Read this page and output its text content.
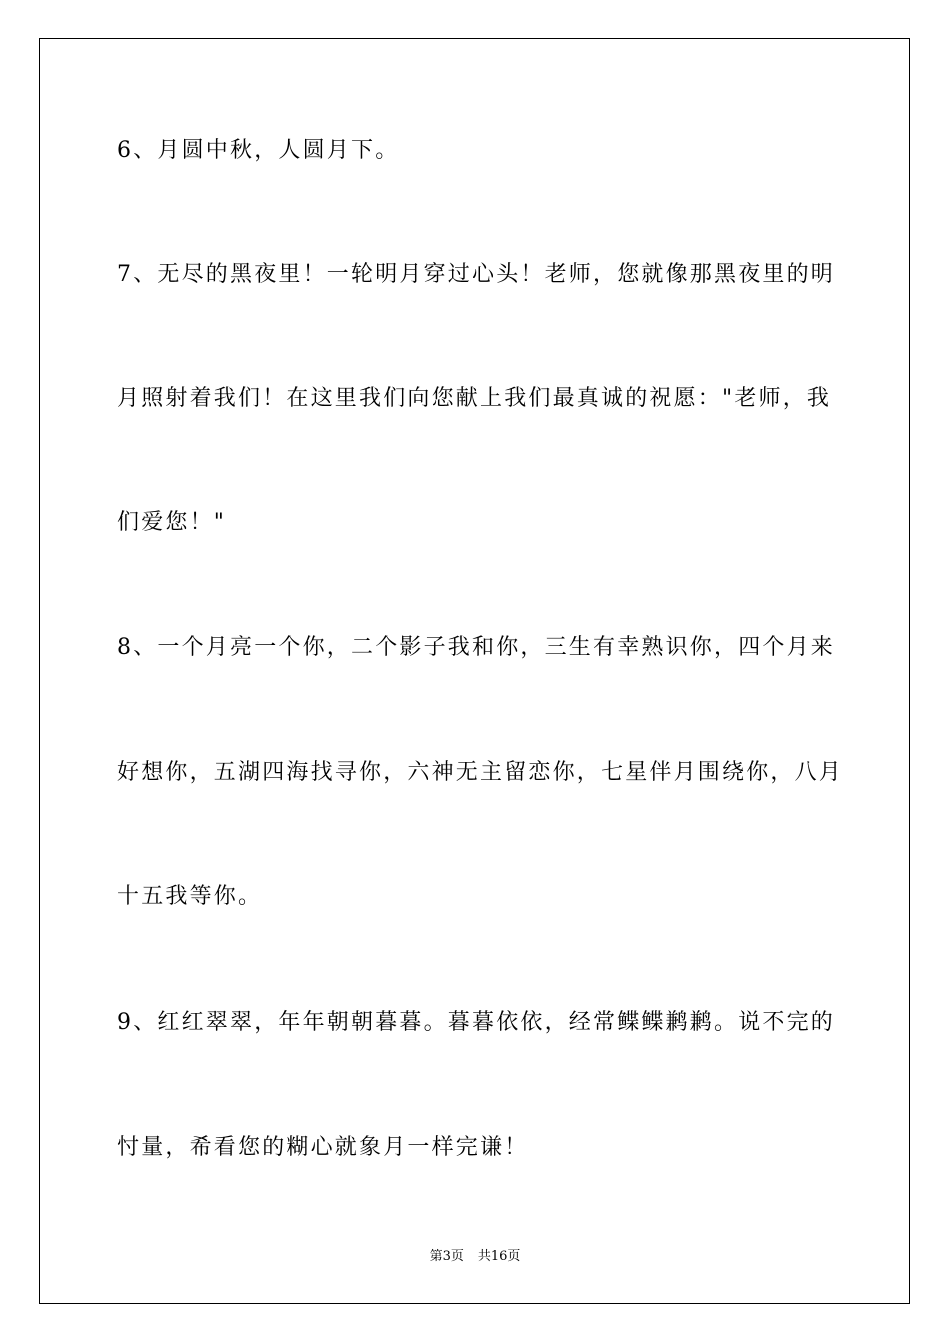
6、月圆中秋，人圆月下。
7、无尽的黑夜里！一轮明月穿过心头！老师，您就像那黑夜里的明
月照射着我们！在这里我们向您献上我们最真诚的祝愿："老师，我
们爱您！"
8、一个月亮一个你，二个影子我和你，三生有幸熟识你，四个月来
好想你，五湖四海找寻你，六神无主留恋你，七星伴月围绕你，八月
十五我等你。
9、红红翠翠，年年朝朝暮暮。暮暮依依，经常鲽鲽鹣鹣。说不完的
忖量，希看您的糊心就象月一样完谦！
第3页 共16页
